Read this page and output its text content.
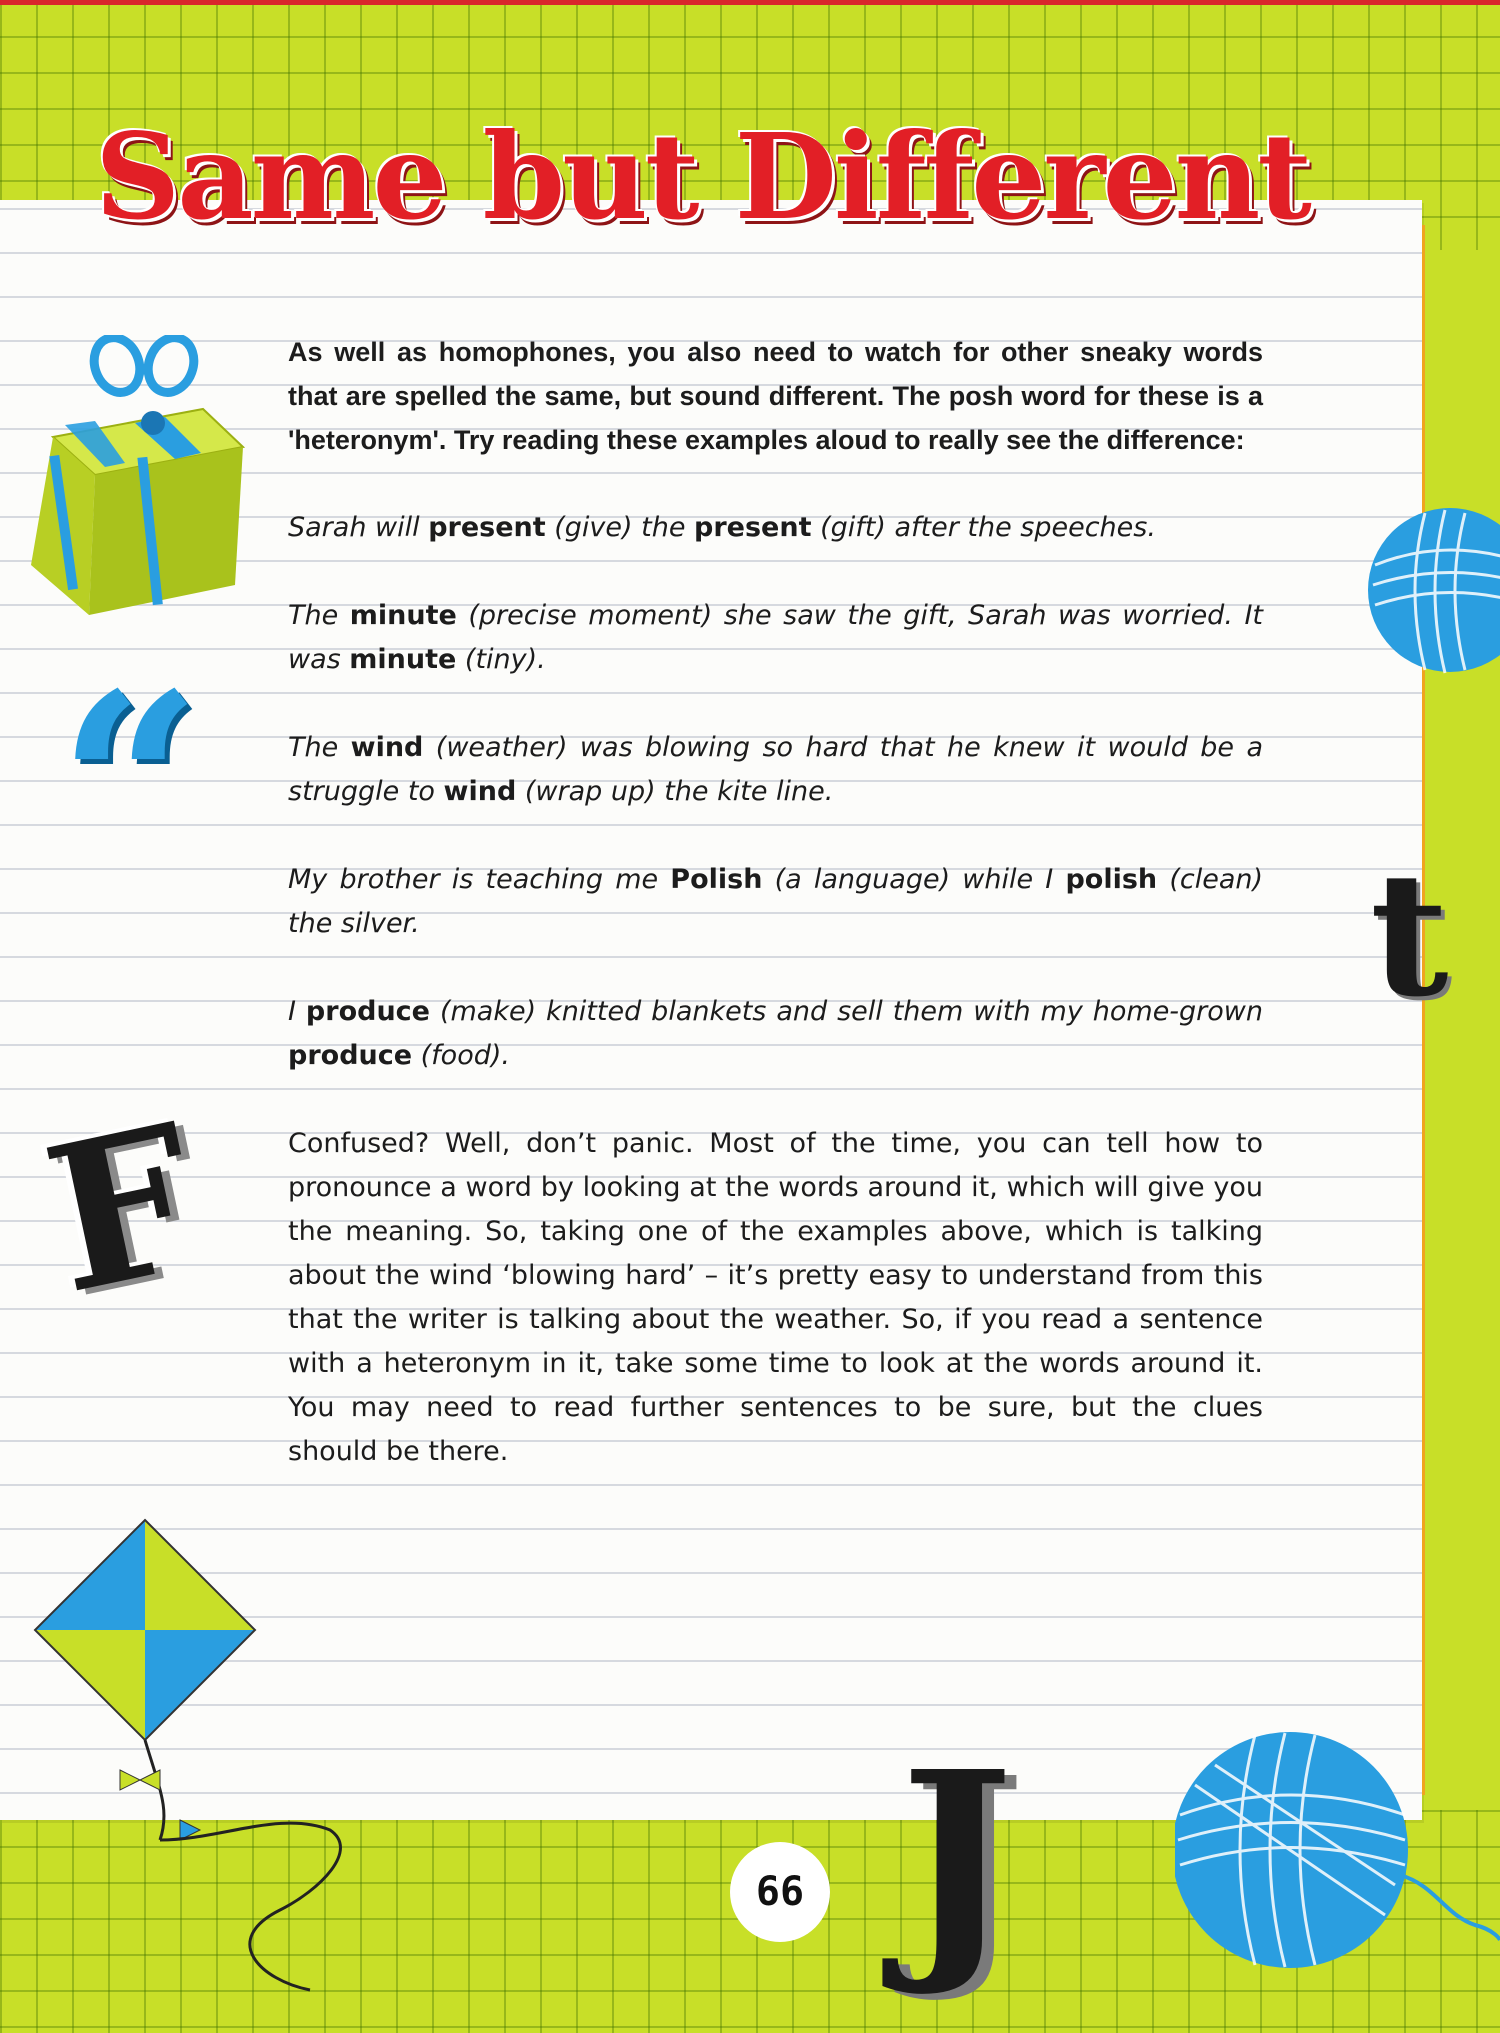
Same but Different
“
F
t
J
66

As well as homophones, you also need to watch for other sneaky words that are spelled the same, but sound different. The posh word for these is a 'heteronym'. Try reading these examples aloud to really see the difference:

Sarah will present (give) the present (gift) after the speeches.

The minute (precise moment) she saw the gift, Sarah was worried. It was minute (tiny).

The wind (weather) was blowing so hard that he knew it would be a struggle to wind (wrap up) the kite line.

My brother is teaching me Polish (a language) while I polish (clean) the silver.

I produce (make) knitted blankets and sell them with my home-grown produce (food).

Confused? Well, don’t panic. Most of the time, you can tell how to pronounce a word by looking at the words around it, which will give you the meaning. So, taking one of the examples above, which is talking about the wind ‘blowing hard’ – it’s pretty easy to understand from this that the writer is talking about the weather. So, if you read a sentence with a heteronym in it, take some time to look at the words around it. You may need to read further sentences to be sure, but the clues should be there.
